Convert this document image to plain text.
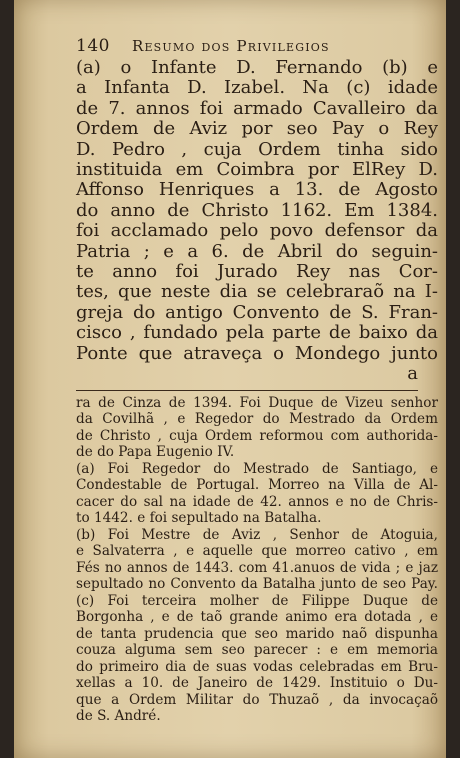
140 Resumo dos Privilegios
(a) o Infante D. Fernando (b) e
a Infanta D. Izabel. Na (c) idade
de 7. annos foi armado Cavalleiro da
Ordem de Aviz por seo Pay o Rey
D. Pedro , cuja Ordem tinha sido
instituida em Coimbra por ElRey D.
Affonso Henriques a 13. de Agosto
do anno de Christo 1162. Em 1384.
foi acclamado pelo povo defensor da
Patria ; e a 6. de Abril do seguin-
te anno foi Jurado Rey nas Cor-
tes, que neste dia se celebraraõ na I-
greja do antigo Convento de S. Fran-
cisco , fundado pela parte de baixo da
Ponte que atraveça o Mondego junto
a
ra de Cinza de 1394. Foi Duque de Vizeu senhor
da Covilhã , e Regedor do Mestrado da Ordem
de Christo , cuja Ordem reformou com authorida-
de do Papa Eugenio IV.
(a) Foi Regedor do Mestrado de Santiago, e
Condestable de Portugal. Morreo na Villa de Al-
cacer do sal na idade de 42. annos e no de Chris-
to 1442. e foi sepultado na Batalha.
(b) Foi Mestre de Aviz , Senhor de Atoguia,
e Salvaterra , e aquelle que morreo cativo , em
Fés no annos de 1443. com 41.anuos de vida ; e jaz
sepultado no Convento da Batalha junto de seo Pay.
(c) Foi terceira molher de Filippe Duque de
Borgonha , e de taõ grande animo era dotada , e
de tanta prudencia que seo marido naõ dispunha
couza alguma sem seo parecer : e em memoria
do primeiro dia de suas vodas celebradas em Bru-
xellas a 10. de Janeiro de 1429. Instituio o Du-
que a Ordem Militar do Thuzaõ , da invocaçaõ
de S. André.
